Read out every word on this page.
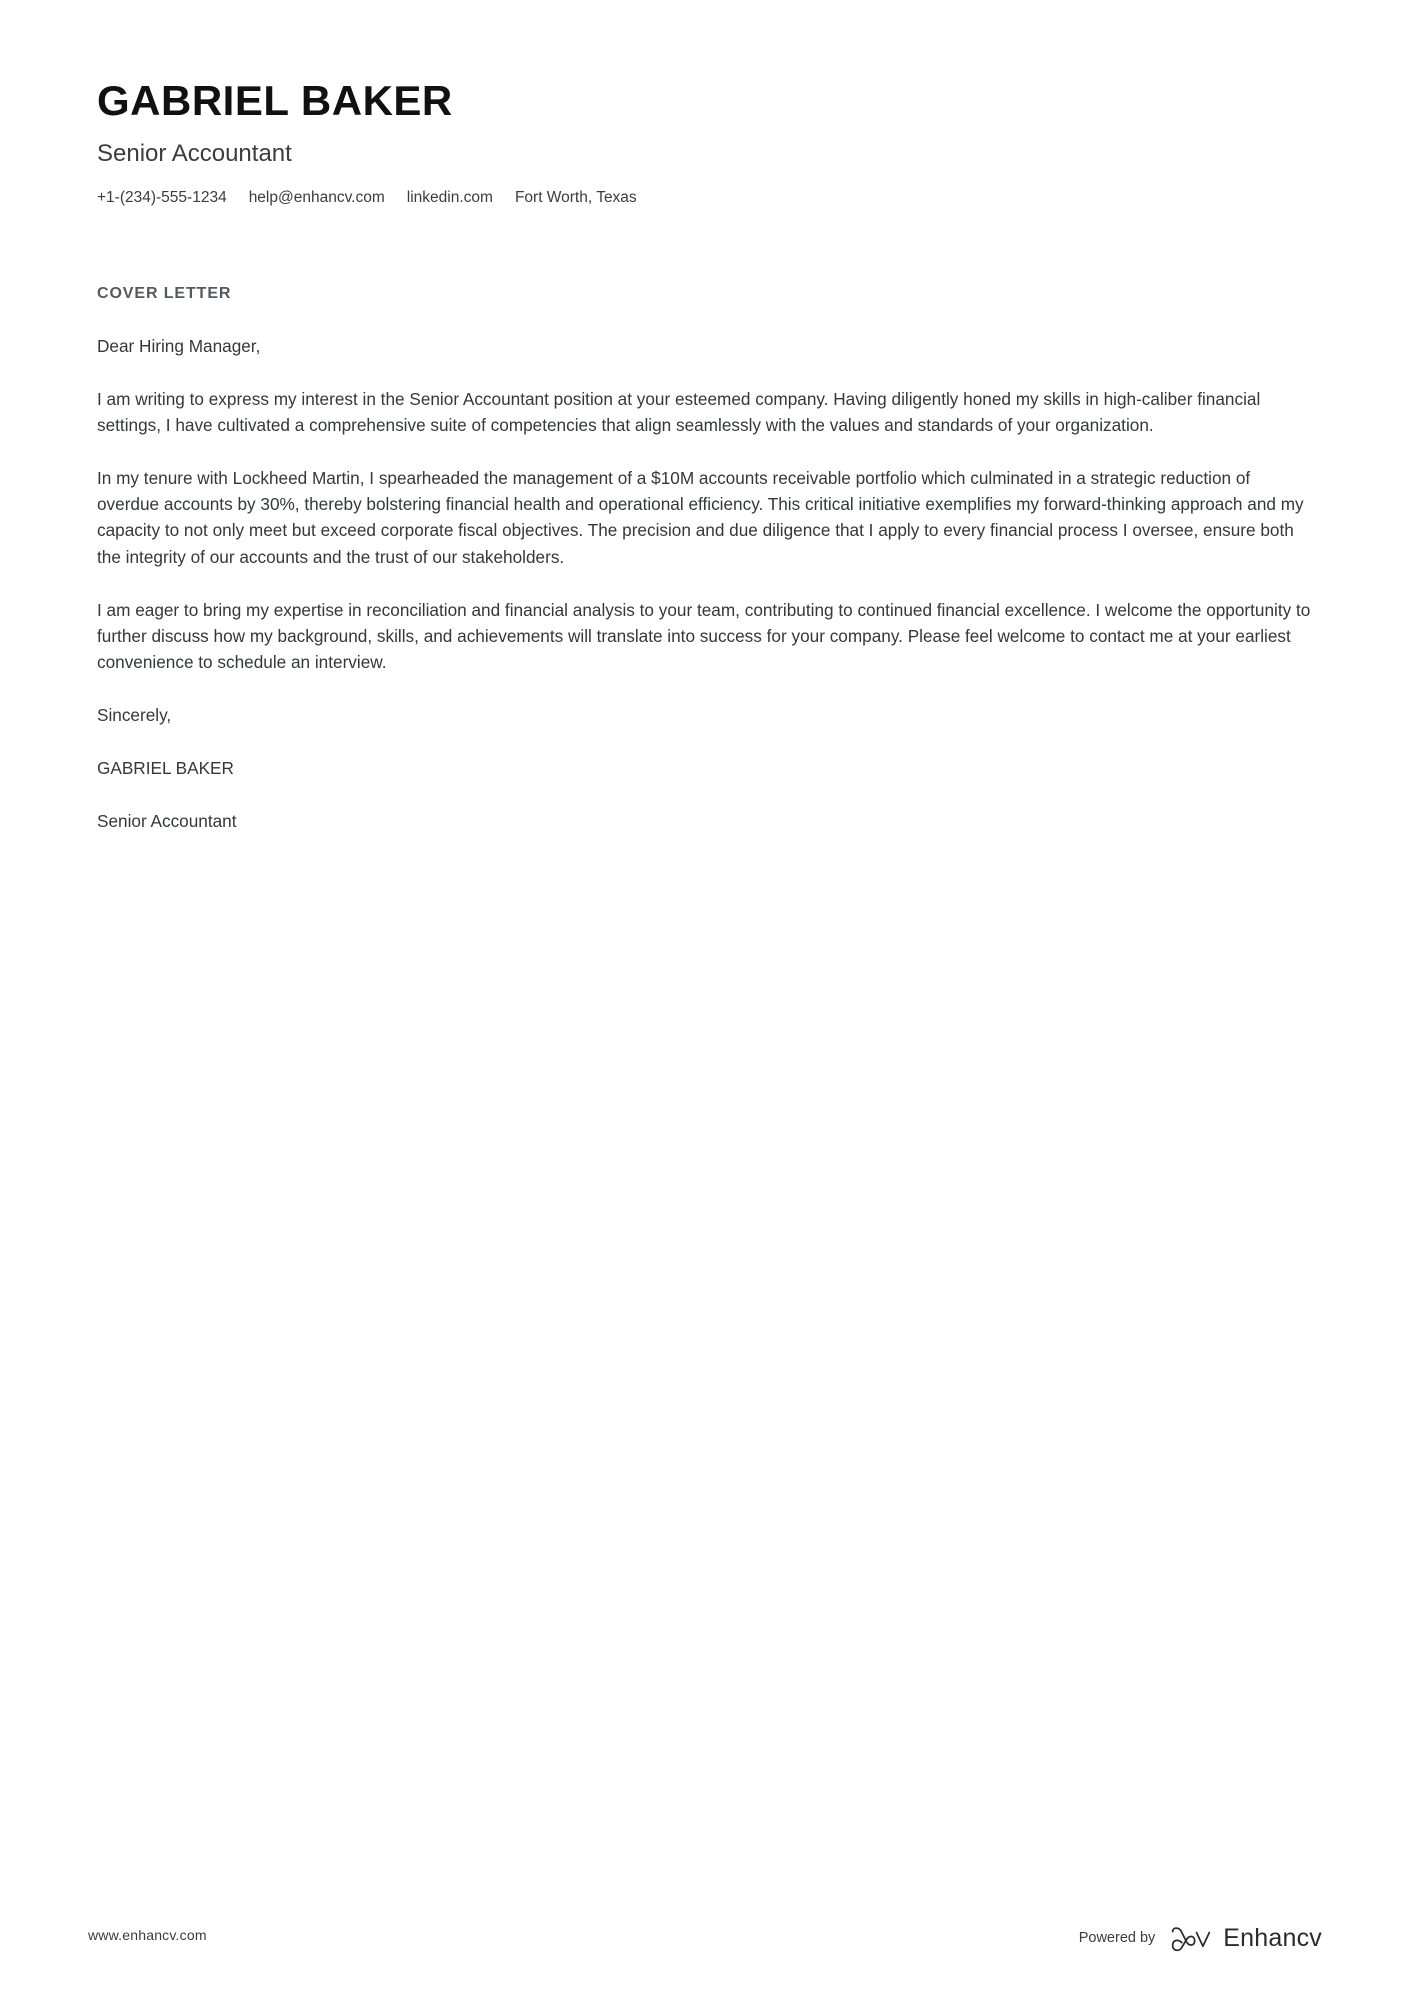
GABRIEL BAKER
Senior Accountant
+1-(234)-555-1234 help@enhancv.com linkedin.com Fort Worth, Texas
COVER LETTER

Dear Hiring Manager,

I am writing to express my interest in the Senior Accountant position at your esteemed company. Having diligently honed my skills in high-caliber financial settings, I have cultivated a comprehensive suite of competencies that align seamlessly with the values and standards of your organization.

In my tenure with Lockheed Martin, I spearheaded the management of a $10M accounts receivable portfolio which culminated in a strategic reduction of overdue accounts by 30%, thereby bolstering financial health and operational efficiency. This critical initiative exemplifies my forward-thinking approach and my capacity to not only meet but exceed corporate fiscal objectives. The precision and due diligence that I apply to every financial process I oversee, ensure both the integrity of our accounts and the trust of our stakeholders.

I am eager to bring my expertise in reconciliation and financial analysis to your team, contributing to continued financial excellence. I welcome the opportunity to further discuss how my background, skills, and achievements will translate into success for your company. Please feel welcome to contact me at your earliest convenience to schedule an interview.

Sincerely,

GABRIEL BAKER

Senior Accountant

www.enhancv.com	Powered by	Enhancv
